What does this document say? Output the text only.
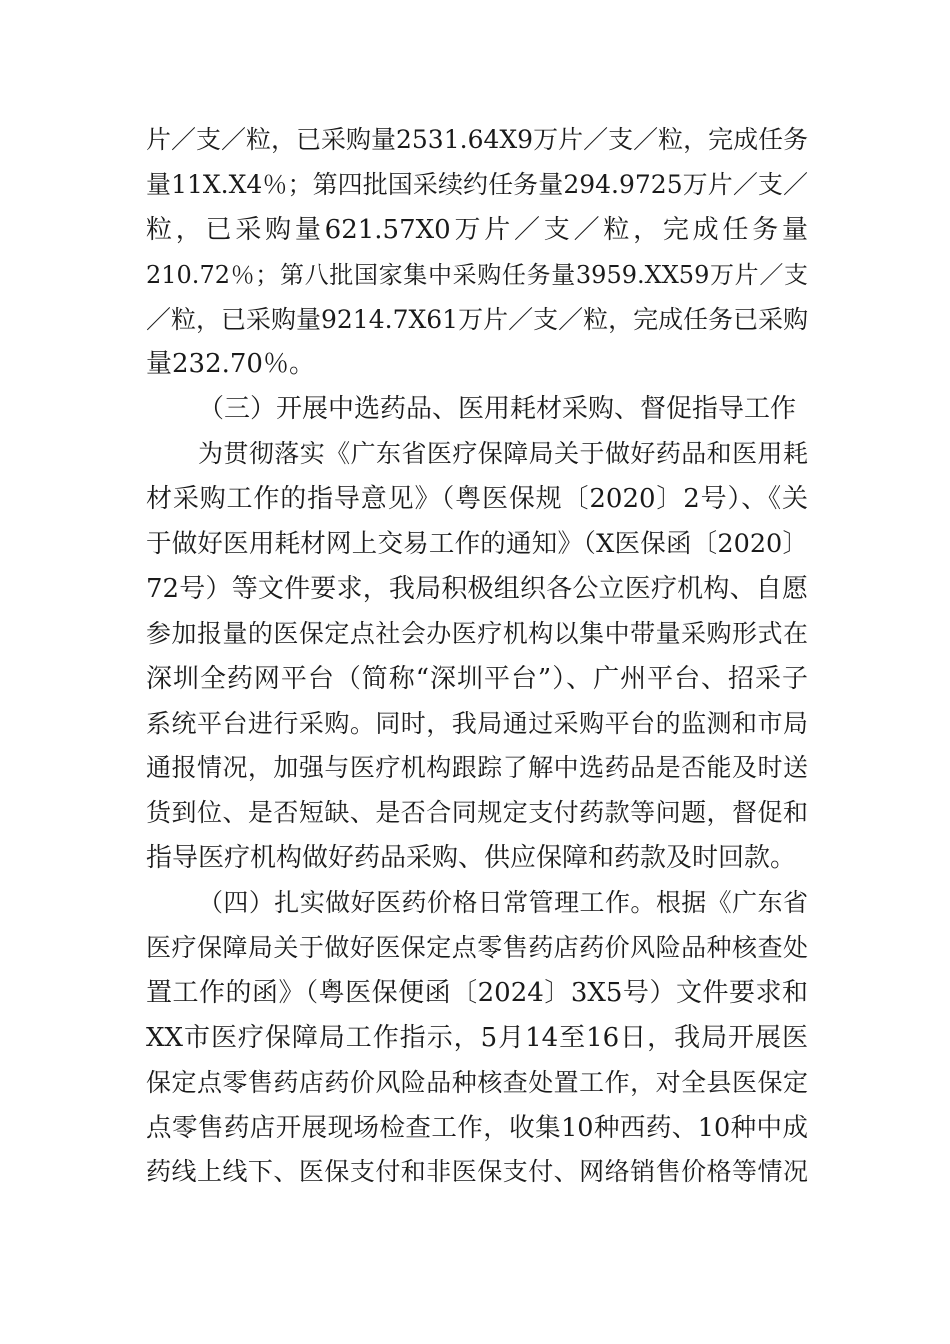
片／支／粒，已采购量2531.64X9万片／支／粒，完成任务
量11X.X4％；第四批国采续约任务量294.9725万片／支／
粒，已采购量621.57X0万片／支／粒，完成任务量
210.72％；第八批国家集中采购任务量3959.XX59万片／支
／粒，已采购量9214.7X61万片／支／粒，完成任务已采购
量232.70％。
（三）开展中选药品、医用耗材采购、督促指导工作
为贯彻落实《广东省医疗保障局关于做好药品和医用耗
材采购工作的指导意见》（粤医保规〔2020〕2号）、《关
于做好医用耗材网上交易工作的通知》（X医保函〔2020〕
72号）等文件要求，我局积极组织各公立医疗机构、自愿
参加报量的医保定点社会办医疗机构以集中带量采购形式在
深圳全药网平台（简称“深圳平台”）、广州平台、招采子
系统平台进行采购。同时，我局通过采购平台的监测和市局
通报情况，加强与医疗机构跟踪了解中选药品是否能及时送
货到位、是否短缺、是否合同规定支付药款等问题，督促和
指导医疗机构做好药品采购、供应保障和药款及时回款。
（四）扎实做好医药价格日常管理工作。根据《广东省
医疗保障局关于做好医保定点零售药店药价风险品种核查处
置工作的函》（粤医保便函〔2024〕3X5号）文件要求和
XX市医疗保障局工作指示，5月14至16日，我局开展医
保定点零售药店药价风险品种核查处置工作，对全县医保定
点零售药店开展现场检查工作，收集10种西药、10种中成
药线上线下、医保支付和非医保支付、网络销售价格等情况
